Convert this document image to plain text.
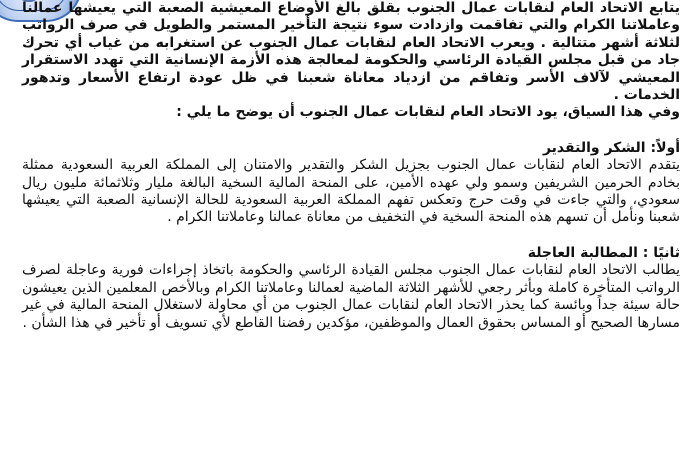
يتابع الاتحاد العام لنقابات عمال الجنوب بقلق بالغ الأوضاع المعيشية الصعبة التي يعيشها عمالنا وعاملاتنا الكرام والتي تفاقمت وازدادت سوء نتيجة التأخير المستمر والطويل في صرف الرواتب لثلاثة أشهر متتالية . ويعرب الاتحاد العام لنقابات عمال الجنوب عن استغرابه من غياب أي تحرك جاد من قبل مجلس القيادة الرئاسي والحكومة لمعالجة هذه الأزمة الإنسانية التي تهدد الاستقرار المعيشي لآلاف الأسر وتفاقم من ازدياد معاناة شعبنا في ظل عودة ارتفاع الأسعار وتدهور الخدمات .

وفي هذا السياق، يود الاتحاد العام لنقابات عمال الجنوب أن يوضح ما يلي :

أولاً: الشكر والتقدير

يتقدم الاتحاد العام لنقابات عمال الجنوب بجزيل الشكر والتقدير والامتنان إلى المملكة العربية السعودية ممثلة بخادم الحرمين الشريفين وسمو ولي عهده الأمين، على المنحة المالية السخية البالغة مليار وثلاثمائة مليون ريال سعودي، والتي جاءت في وقت حرج وتعكس تفهم المملكة العربية السعودية للحالة الإنسانية الصعبة التي يعيشها شعبنا ونأمل أن تسهم هذه المنحة السخية في التخفيف من معاناة عمالنا وعاملاتنا الكرام .

ثانيًا : المطالبة العاجلة

يطالب الاتحاد العام لنقابات عمال الجنوب مجلس القيادة الرئاسي والحكومة باتخاذ إجراءات فورية وعاجلة لصرف الرواتب المتأخرة كاملة وبأثر رجعي للأشهر الثلاثة الماضية لعمالنا وعاملاتنا الكرام وبالأخص المعلمين الذين يعيشون حالة سيئة جداً وبائسة كما يحذر الاتحاد العام لنقابات عمال الجنوب من أي محاولة لاستغلال المنحة المالية في غير مسارها الصحيح أو المساس بحقوق العمال والموظفين، مؤكدين رفضنا القاطع لأي تسويف أو تأخير في هذا الشأن .
